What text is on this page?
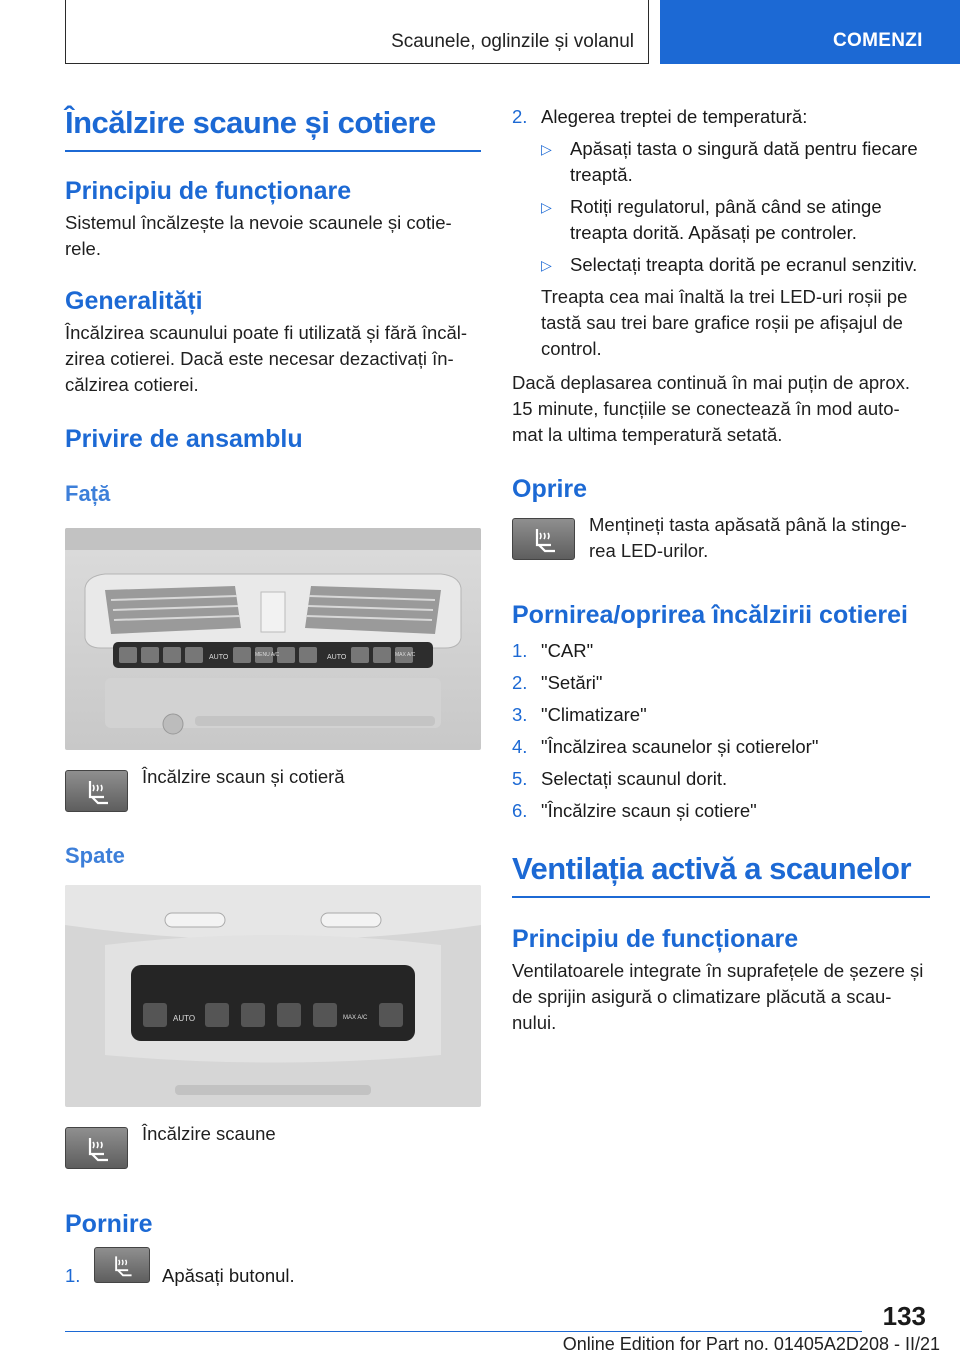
Scaunele, oglinzile și volanul	COMENZI
Încălzire scaune și cotiere
Principiu de funcționare

Sistemul încălzește la nevoie scaunele și cotie-rele.

Generalități

Încălzirea scaunului poate fi utilizată și fără încăl-zirea cotierei. Dacă este necesar dezactivați în-călzirea cotierei.

Privire de ansamblu
Față
AUTO	MENU A/C	AUTO	MAX A/C

Încălzire scaun și cotieră

Spate
AUTO	MAX A/C

Încălzire scaune

Pornire
1.	Apăsați butonul.
2. Alegerea treptei de temperatură:
▷ Apăsați tasta o singură dată pentru fiecare treaptă.
▷ Rotiți regulatorul, până când se atinge treapta dorită. Apăsați pe controler.
▷ Selectați treapta dorită pe ecranul senzitiv.

Treapta cea mai înaltă la trei LED-uri roșii pe tastă sau trei bare grafice roșii pe afișajul de control.

Dacă deplasarea continuă în mai puțin de aprox. 15 minute, funcțiile se conectează în mod auto-mat la ultima temperatură setată.

Oprire

Mențineți tasta apăsată până la stinge-rea LED-urilor.

Pornirea/oprirea încălzirii cotierei
1. "CAR"
2. "Setări"
3. "Climatizare"
4. "Încălzirea scaunelor și cotierelor"
5. Selectați scaunul dorit.
6. "Încălzire scaun și cotiere"
Ventilația activă a scaunelor
Principiu de funcționare

Ventilatoarele integrate în suprafețele de șezere și de sprijin asigură o climatizare plăcută a scau-nului.

133
Online Edition for Part no. 01405A2D208 - II/21
